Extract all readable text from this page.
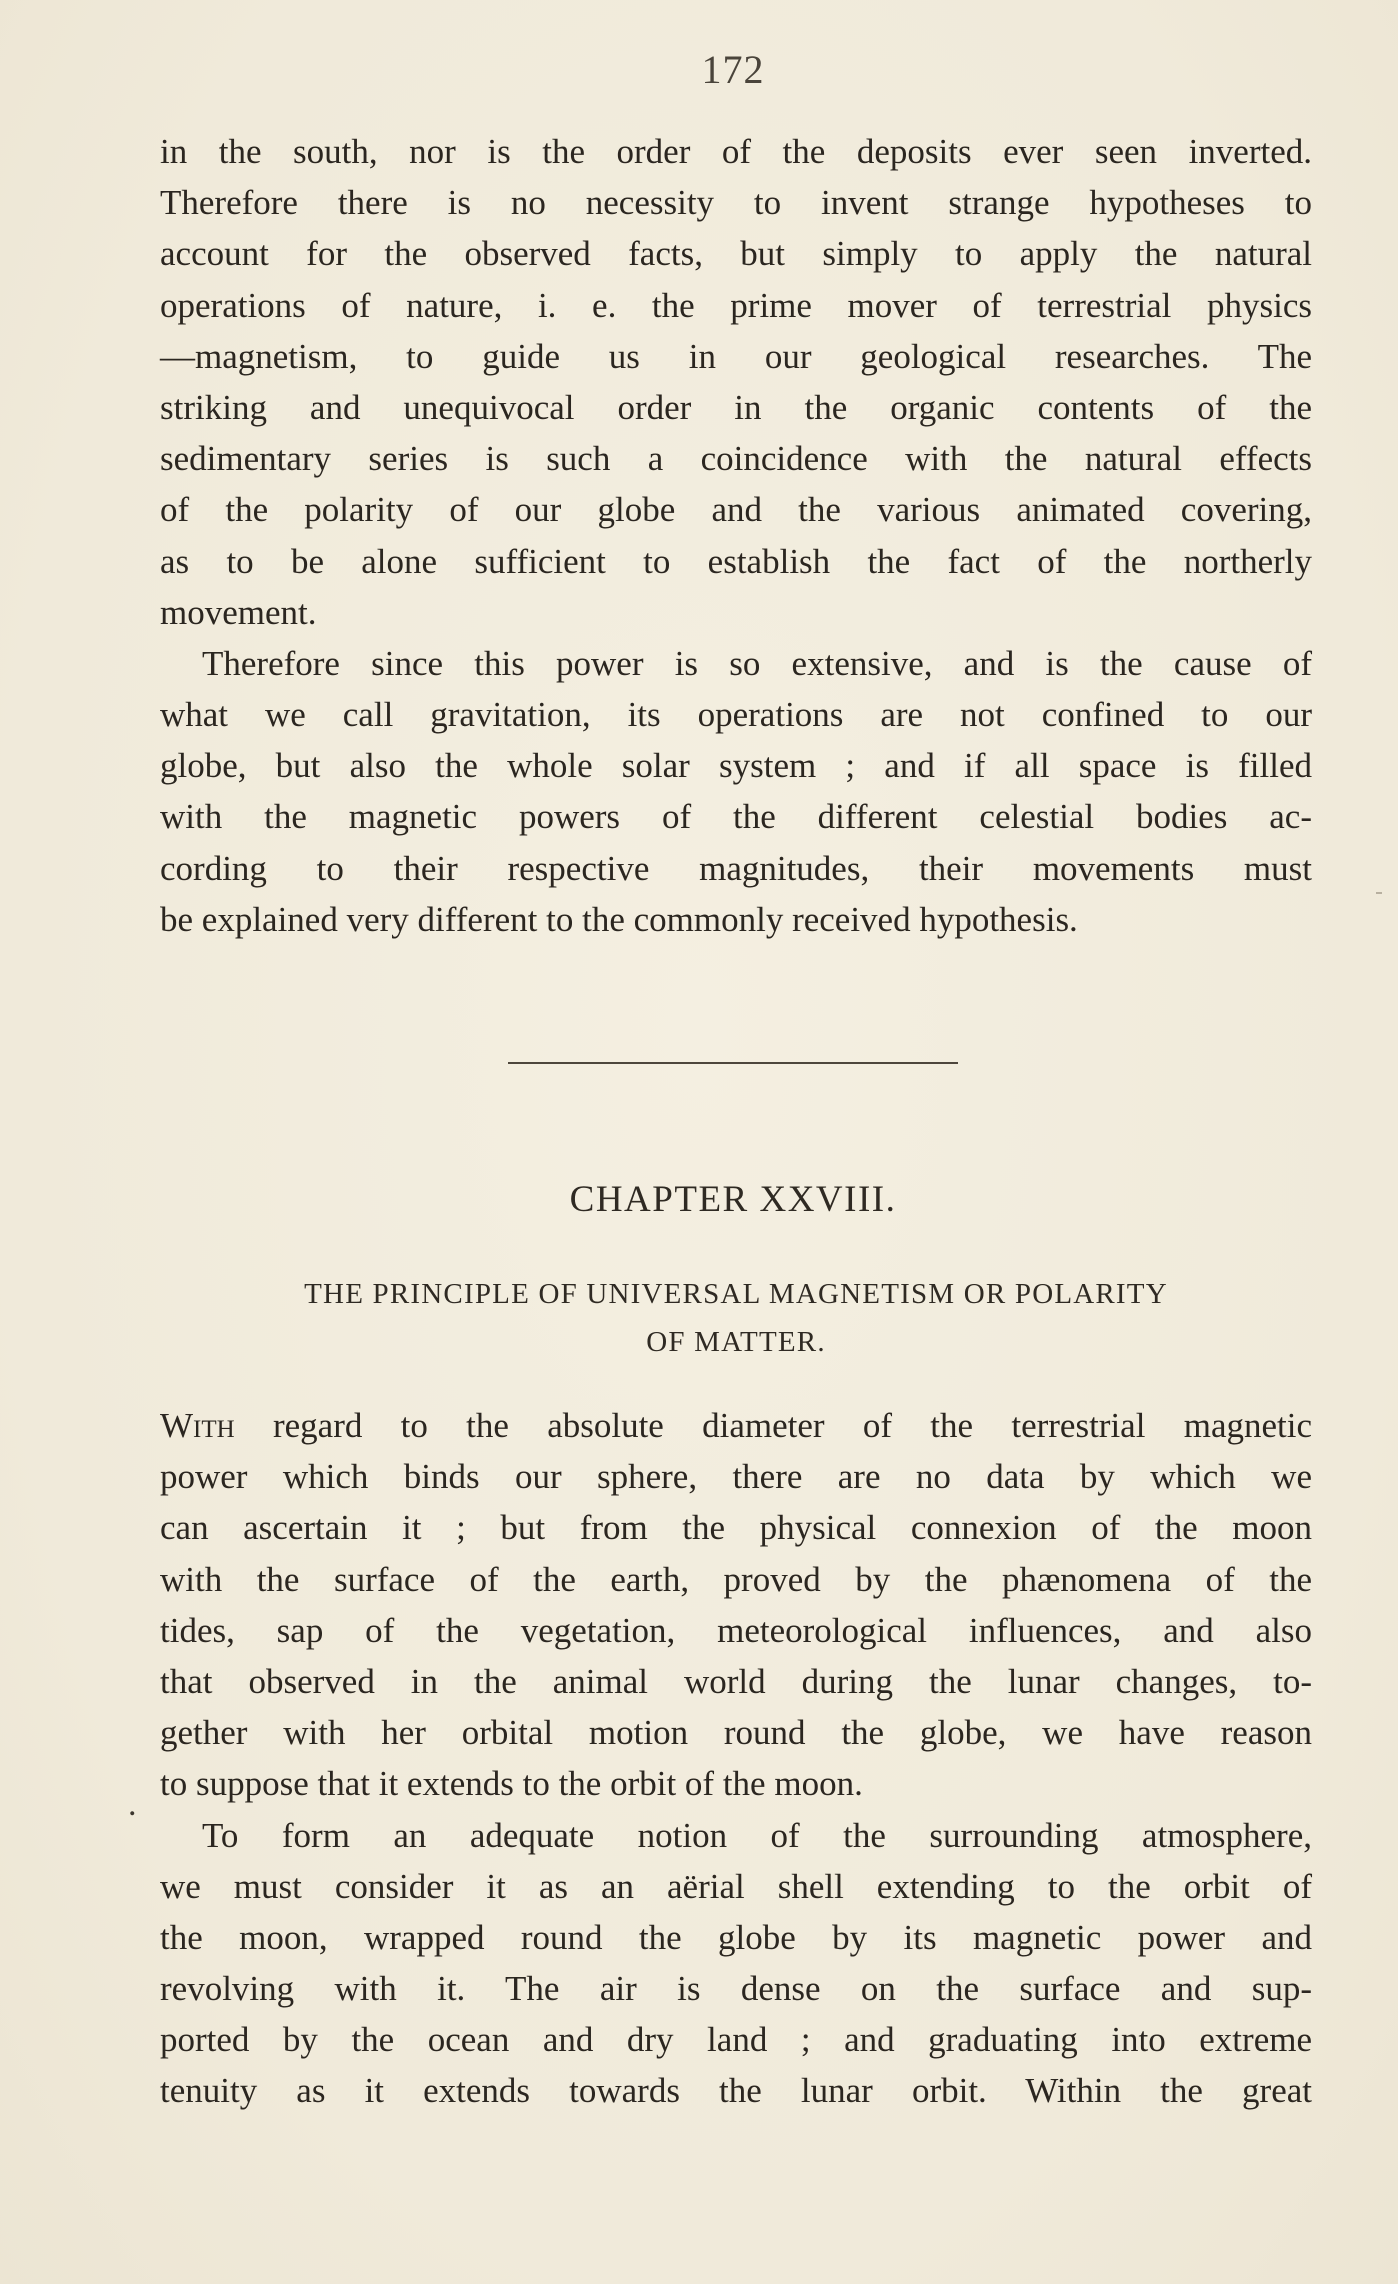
172
in the south, nor is the order of the deposits ever seen inverted.
Therefore there is no necessity to invent strange hypotheses to
account for the observed facts, but simply to apply the natural
operations of nature, i. e. the prime mover of terrestrial physics
—magnetism, to guide us in our geological researches. The
striking and unequivocal order in the organic contents of the
sedimentary series is such a coincidence with the natural effects
of the polarity of our globe and the various animated covering,
as to be alone sufficient to establish the fact of the northerly
movement.
Therefore since this power is so extensive, and is the cause of
what we call gravitation, its operations are not confined to our
globe, but also the whole solar system ; and if all space is filled
with the magnetic powers of the different celestial bodies ac-
cording to their respective magnitudes, their movements must
be explained very different to the commonly received hypothesis.
CHAPTER XXVIII.
THE PRINCIPLE OF UNIVERSAL MAGNETISM OR POLARITY
OF MATTER.
With regard to the absolute diameter of the terrestrial magnetic
power which binds our sphere, there are no data by which we
can ascertain it ; but from the physical connexion of the moon
with the surface of the earth, proved by the phænomena of the
tides, sap of the vegetation, meteorological influences, and also
that observed in the animal world during the lunar changes, to-
gether with her orbital motion round the globe, we have reason
to suppose that it extends to the orbit of the moon.
To form an adequate notion of the surrounding atmosphere,
we must consider it as an aërial shell extending to the orbit of
the moon, wrapped round the globe by its magnetic power and
revolving with it. The air is dense on the surface and sup-
ported by the ocean and dry land ; and graduating into extreme
tenuity as it extends towards the lunar orbit. Within the great
.
